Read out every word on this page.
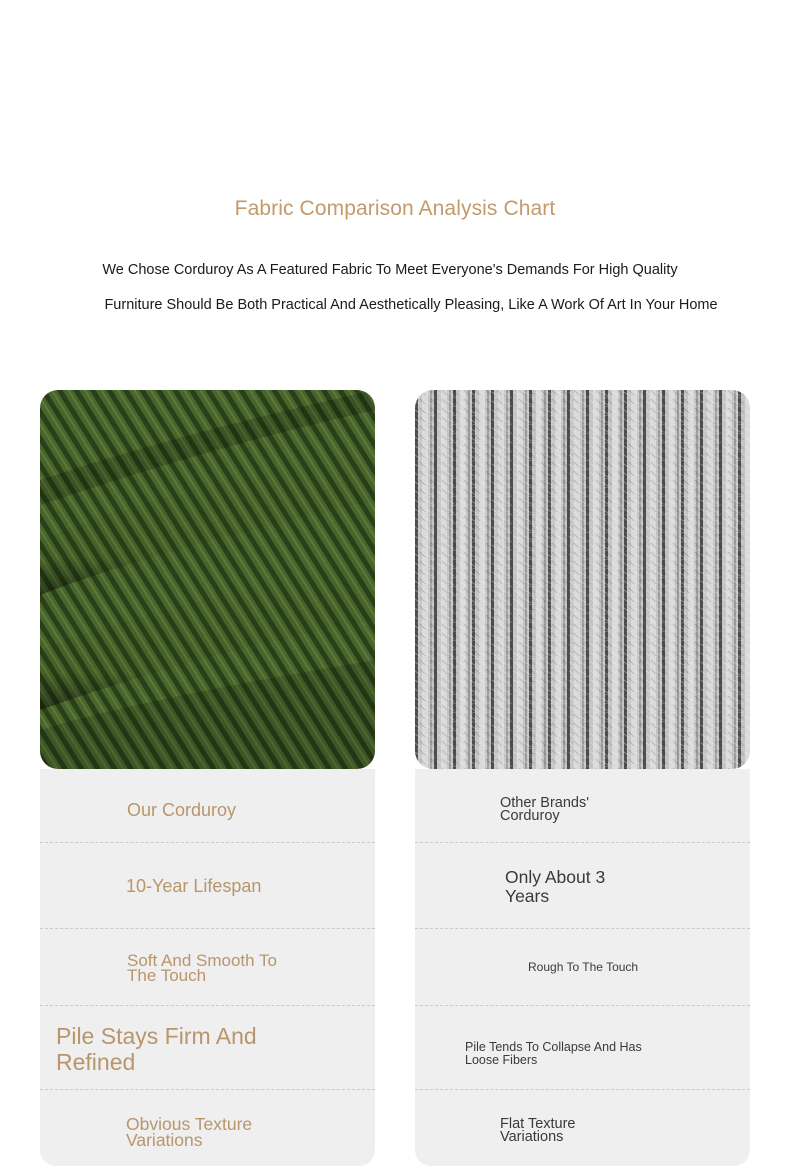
Fabric Comparison Analysis Chart
We Chose Corduroy As A Featured Fabric To Meet Everyone's Demands For High Quality
Furniture Should Be Both Practical And Aesthetically Pleasing, Like A Work Of Art In Your Home
Our Corduroy
10-Year Lifespan
Soft And Smooth To The Touch
Pile Stays Firm And Refined
Obvious Texture Variations
Other Brands' Corduroy
Only About 3 Years
Rough To The Touch
Pile Tends To Collapse And Has Loose Fibers
Flat Texture Variations
